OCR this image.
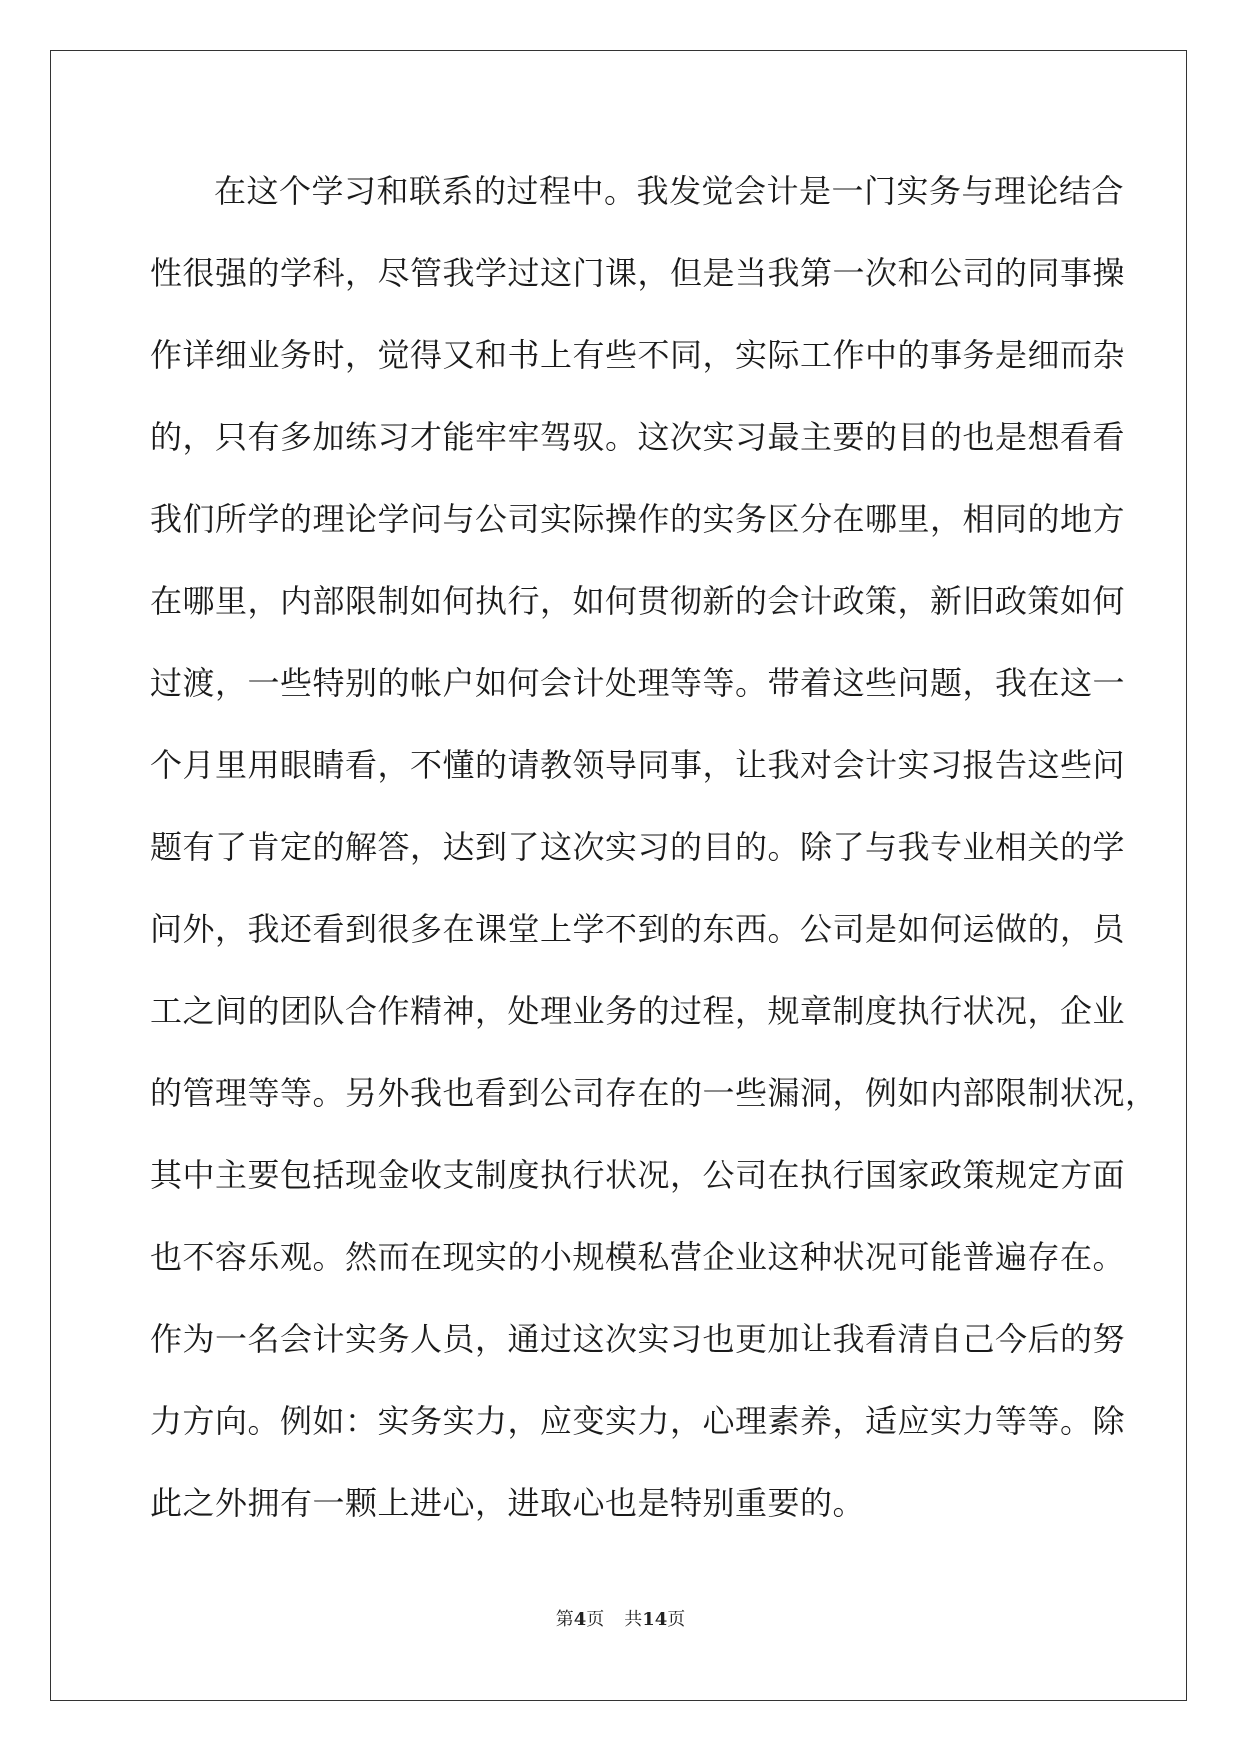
在这个学习和联系的过程中。我发觉会计是一门实务与理论结合
性很强的学科，尽管我学过这门课，但是当我第一次和公司的同事操
作详细业务时，觉得又和书上有些不同，实际工作中的事务是细而杂
的，只有多加练习才能牢牢驾驭。这次实习最主要的目的也是想看看
我们所学的理论学问与公司实际操作的实务区分在哪里，相同的地方
在哪里，内部限制如何执行，如何贯彻新的会计政策，新旧政策如何
过渡，一些特别的帐户如何会计处理等等。带着这些问题，我在这一
个月里用眼睛看，不懂的请教领导同事，让我对会计实习报告这些问
题有了肯定的解答，达到了这次实习的目的。除了与我专业相关的学
问外，我还看到很多在课堂上学不到的东西。公司是如何运做的，员
工之间的团队合作精神，处理业务的过程，规章制度执行状况，企业
的管理等等。另外我也看到公司存在的一些漏洞，例如内部限制状况，
其中主要包括现金收支制度执行状况，公司在执行国家政策规定方面
也不容乐观。然而在现实的小规模私营企业这种状况可能普遍存在。
作为一名会计实务人员，通过这次实习也更加让我看清自己今后的努
力方向。例如：实务实力，应变实力，心理素养，适应实力等等。除
此之外拥有一颗上进心，进取心也是特别重要的。
第4页 共14页
